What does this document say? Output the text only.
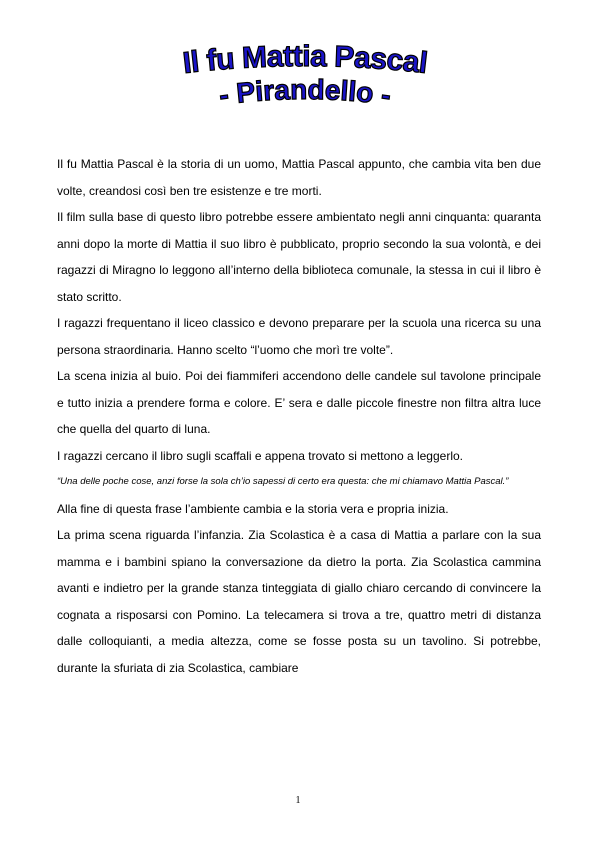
Il fu Mattia Pascal
- Pirandello -

Il fu Mattia Pascal è la storia di un uomo, Mattia Pascal appunto, che cambia vita ben due volte, creandosi così ben tre esistenze e tre morti.

Il film sulla base di questo libro potrebbe essere ambientato negli anni cinquanta: quaranta anni dopo la morte di Mattia il suo libro è pubblicato, proprio secondo la sua volontà, e dei ragazzi di Miragno lo leggono all’interno della biblioteca comunale, la stessa in cui il libro è stato scritto.

I ragazzi frequentano il liceo classico e devono preparare per la scuola una ricerca su una persona straordinaria. Hanno scelto “l’uomo che morì tre volte”.

La scena inizia al buio. Poi dei fiammiferi accendono delle candele sul tavolone principale e tutto inizia a prendere forma e colore. E’ sera e dalle piccole finestre non filtra altra luce che quella del quarto di luna.

I ragazzi cercano il libro sugli scaffali e appena trovato si mettono a leggerlo.

“Una delle poche cose, anzi forse la sola ch’io sapessi di certo era questa: che mi chiamavo Mattia Pascal.”

Alla fine di questa frase l’ambiente cambia e la storia vera e propria inizia.

La prima scena riguarda l’infanzia. Zia Scolastica è a casa di Mattia a parlare con la sua mamma e i bambini spiano la conversazione da dietro la porta. Zia Scolastica cammina avanti e indietro per la grande stanza tinteggiata di giallo chiaro cercando di convincere la cognata a risposarsi con Pomino. La telecamera si trova a tre, quattro metri di distanza dalle colloquianti, a media altezza, come se fosse posta su un tavolino. Si potrebbe, durante la sfuriata di zia Scolastica, cambiare

1
